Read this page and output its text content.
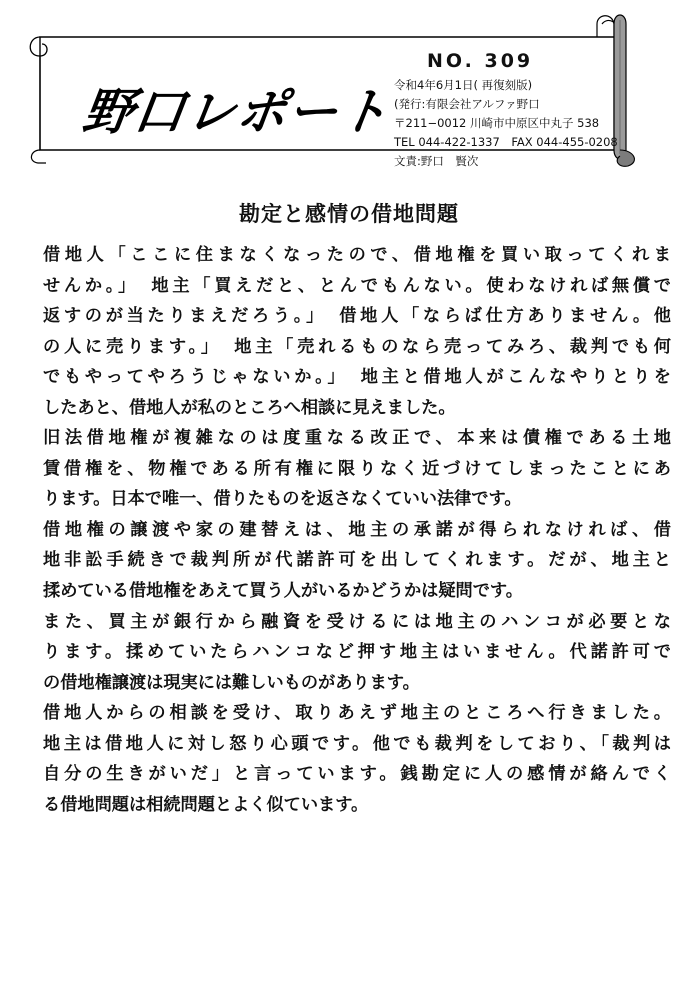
野口レポート
NO. 309
令和4年6月1日( 再復刻版)
(発行:有限会社アルファ野口
〒211−0012 川崎市中原区中丸子 538
TEL 044-422-1337　FAX 044-455-0208
文責:野口　賢次
勘定と感情の借地問題
借地人「ここに住まなくなったので、借地権を買い取ってくれま
せんか。」　地主「買えだと、とんでもんない。使わなければ無償で
返すのが当たりまえだろう。」　借地人「ならば仕方ありません。他
の人に売ります。」　地主「売れるものなら売ってみろ、裁判でも何
でもやってやろうじゃないか。」　地主と借地人がこんなやりとりを
したあと、借地人が私のところへ相談に見えました。
旧法借地権が複雑なのは度重なる改正で、本来は債権である土地
賃借権を、物権である所有権に限りなく近づけてしまったことにあ
ります。日本で唯一、借りたものを返さなくていい法律です。
借地権の譲渡や家の建替えは、地主の承諾が得られなければ、借
地非訟手続きで裁判所が代諾許可を出してくれます。だが、地主と
揉めている借地権をあえて買う人がいるかどうかは疑問です。
また、買主が銀行から融資を受けるには地主のハンコが必要とな
ります。揉めていたらハンコなど押す地主はいません。代諾許可で
の借地権譲渡は現実には難しいものがあります。
借地人からの相談を受け、取りあえず地主のところへ行きました。
地主は借地人に対し怒り心頭です。他でも裁判をしており、「裁判は
自分の生きがいだ」と言っています。銭勘定に人の感情が絡んでく
る借地問題は相続問題とよく似ています。
